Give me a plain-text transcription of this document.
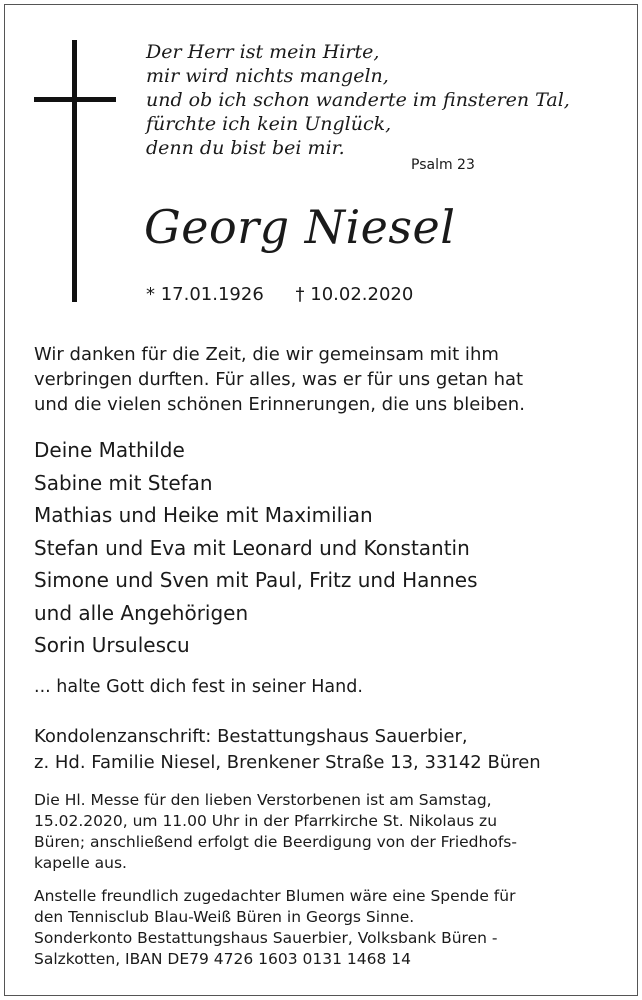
Der Herr ist mein Hirte,
mir wird nichts mangeln,
und ob ich schon wanderte im finsteren Tal,
fürchte ich kein Unglück,
denn du bist bei mir.
Psalm 23
Georg Niesel
* 17.01.1926 † 10.02.2020
Wir danken für die Zeit, die wir gemeinsam mit ihm
verbringen durften. Für alles, was er für uns getan hat
und die vielen schönen Erinnerungen, die uns bleiben.
Deine Mathilde
Sabine mit Stefan
Mathias und Heike mit Maximilian
Stefan und Eva mit Leonard und Konstantin
Simone und Sven mit Paul, Fritz und Hannes
und alle Angehörigen
Sorin Ursulescu
... halte Gott dich fest in seiner Hand.
Kondolenzanschrift: Bestattungshaus Sauerbier,
z. Hd. Familie Niesel, Brenkener Straße 13, 33142 Büren
Die Hl. Messe für den lieben Verstorbenen ist am Samstag,
15.02.2020, um 11.00 Uhr in der Pfarrkirche St. Nikolaus zu
Büren; anschließend erfolgt die Beerdigung von der Friedhofs-
kapelle aus.
Anstelle freundlich zugedachter Blumen wäre eine Spende für
den Tennisclub Blau-Weiß Büren in Georgs Sinne.
Sonderkonto Bestattungshaus Sauerbier, Volksbank Büren -
Salzkotten, IBAN DE79 4726 1603 0131 1468 14
